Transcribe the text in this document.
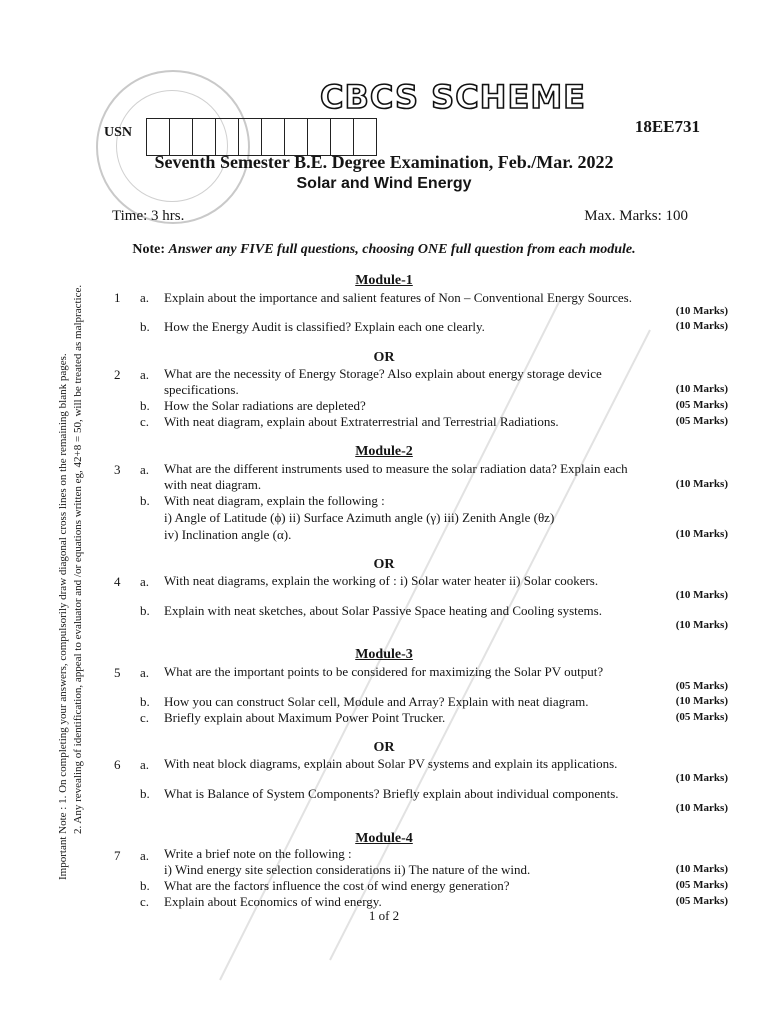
CBCS SCHEME
USN	18EE731
Seventh Semester B.E. Degree Examination, Feb./Mar. 2022
Solar and Wind Energy
Time: 3 hrs.	Max. Marks: 100
Note: Answer any FIVE full questions, choosing ONE full question from each module.
Important Note : 1. On completing your answers, compulsorily draw diagonal cross lines on the remaining blank pages. 2. Any revealing of identification, appeal to evaluator and /or equations written eg, 42+8 = 50, will be treated as malpractice.
Module-1
1 a. Explain about the importance and salient features of Non – Conventional Energy Sources.
(10 Marks)
b. How the Energy Audit is classified? Explain each one clearly.	(10 Marks)
OR
2 a. What are the necessity of Energy Storage? Also explain about energy storage device
specifications.	(10 Marks)
b. How the Solar radiations are depleted?	(05 Marks)
c. With neat diagram, explain about Extraterrestrial and Terrestrial Radiations.	(05 Marks)
Module-2
3 a. What are the different instruments used to measure the solar radiation data? Explain each
with neat diagram.	(10 Marks)
b. With neat diagram, explain the following :
i) Angle of Latitude (ϕ) ii) Surface Azimuth angle (γ) iii) Zenith Angle (θz)
iv) Inclination angle (α).	(10 Marks)
OR
4 a. With neat diagrams, explain the working of : i) Solar water heater ii) Solar cookers.
(10 Marks)
b. Explain with neat sketches, about Solar Passive Space heating and Cooling systems.
(10 Marks)
Module-3
5 a. What are the important points to be considered for maximizing the Solar PV output?
(05 Marks)
b. How you can construct Solar cell, Module and Array? Explain with neat diagram.	(10 Marks)
c. Briefly explain about Maximum Power Point Trucker.	(05 Marks)
OR
6 a. With neat block diagrams, explain about Solar PV systems and explain its applications.
(10 Marks)
b. What is Balance of System Components? Briefly explain about individual components.
(10 Marks)
Module-4
7 a. Write a brief note on the following :
i) Wind energy site selection considerations ii) The nature of the wind.	(10 Marks)
b. What are the factors influence the cost of wind energy generation?	(05 Marks)
c. Explain about Economics of wind energy.	(05 Marks)
1 of 2
